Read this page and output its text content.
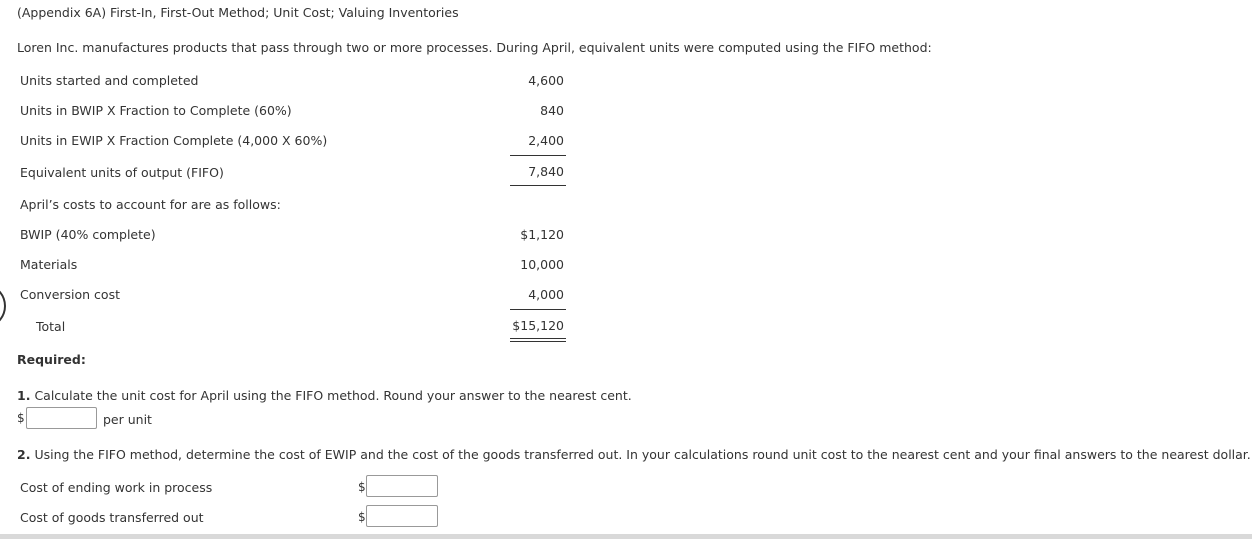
(Appendix 6A) First-In, First-Out Method; Unit Cost; Valuing Inventories
Loren Inc. manufactures products that pass through two or more processes. During April, equivalent units were computed using the FIFO method:
Units started and completed	4,600
Units in BWIP X Fraction to Complete (60%)	840
Units in EWIP X Fraction Complete (4,000 X 60%)	2,400
Equivalent units of output (FIFO)	7,840
April’s costs to account for are as follows:
BWIP (40% complete)	$1,120
Materials	10,000
Conversion cost	4,000
Total	$15,120
Required:
1. Calculate the unit cost for April using the FIFO method. Round your answer to the nearest cent.
$	per unit
2. Using the FIFO method, determine the cost of EWIP and the cost of the goods transferred out. In your calculations round unit cost to the nearest cent and your final answers to the nearest dollar.
Cost of ending work in process	$
Cost of goods transferred out	$
